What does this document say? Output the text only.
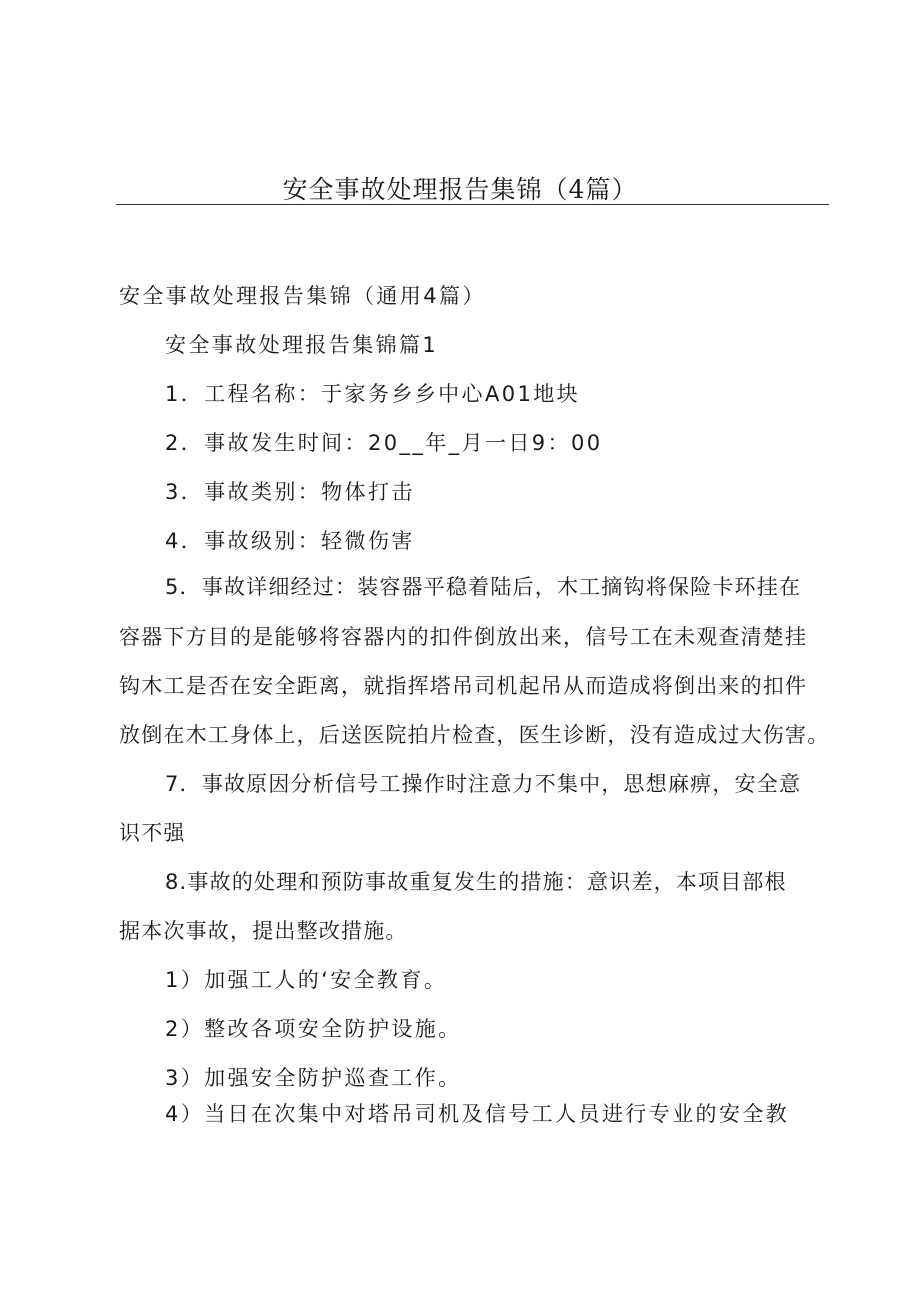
安全事故处理报告集锦（4篇）

安全事故处理报告集锦（通用4篇）

安全事故处理报告集锦篇1

1．工程名称：于家务乡乡中心A01地块

2．事故发生时间：20__年_月一日9：00

3．事故类别：物体打击

4．事故级别：轻微伤害

5．事故详细经过：装容器平稳着陆后，木工摘钩将保险卡环挂在

容器下方目的是能够将容器内的扣件倒放出来，信号工在未观查清楚挂

钩木工是否在安全距离，就指挥塔吊司机起吊从而造成将倒出来的扣件

放倒在木工身体上，后送医院拍片检查，医生诊断，没有造成过大伤害。

7．事故原因分析信号工操作时注意力不集中，思想麻痹，安全意

识不强

8.事故的处理和预防事故重复发生的措施：意识差，本项目部根

据本次事故，提出整改措施。

1）加强工人的‘安全教育。

2）整改各项安全防护设施。

3）加强安全防护巡查工作。

4）当日在次集中对塔吊司机及信号工人员进行专业的安全教
